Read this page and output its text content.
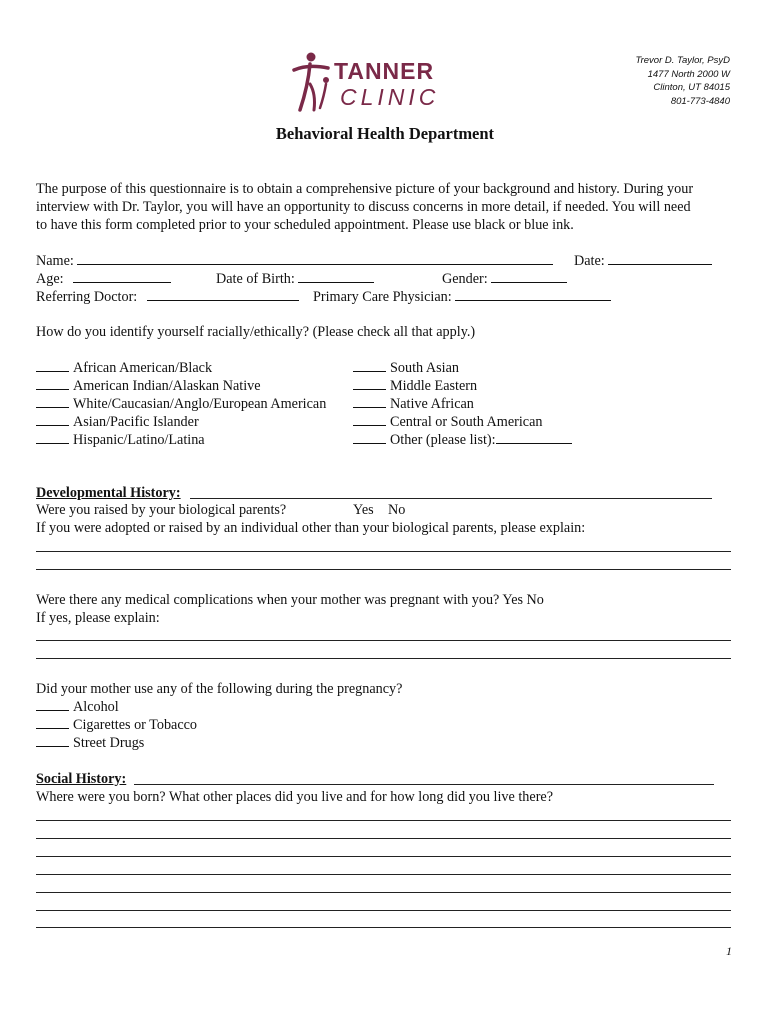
TANNER
CLINIC
Trevor D. Taylor, PsyD
1477 North 2000 W
Clinton, UT 84015
801-773-4840
Behavioral Health Department
The purpose of this questionnaire is to obtain a comprehensive picture of your background and history. During your
interview with Dr. Taylor, you will have an opportunity to discuss concerns in more detail, if needed. You will need
to have this form completed prior to your scheduled appointment. Please use black or blue ink.
Name:	Date:
Age:	Date of Birth:	Gender:
Referring Doctor:	Primary Care Physician:
How do you identify yourself racially/ethically? (Please check all that apply.)
African American/Black
American Indian/Alaskan Native
White/Caucasian/Anglo/European American
Asian/Pacific Islander
Hispanic/Latino/Latina
South Asian
Middle Eastern
Native African
Central or South American
Other (please list):
Developmental History:
Were you raised by your biological parents?	Yes No
If you were adopted or raised by an individual other than your biological parents, please explain:
Were there any medical complications when your mother was pregnant with you? Yes No
If yes, please explain:
Did your mother use any of the following during the pregnancy?
Alcohol
Cigarettes or Tobacco
Street Drugs
Social History:
Where were you born? What other places did you live and for how long did you live there?
1
